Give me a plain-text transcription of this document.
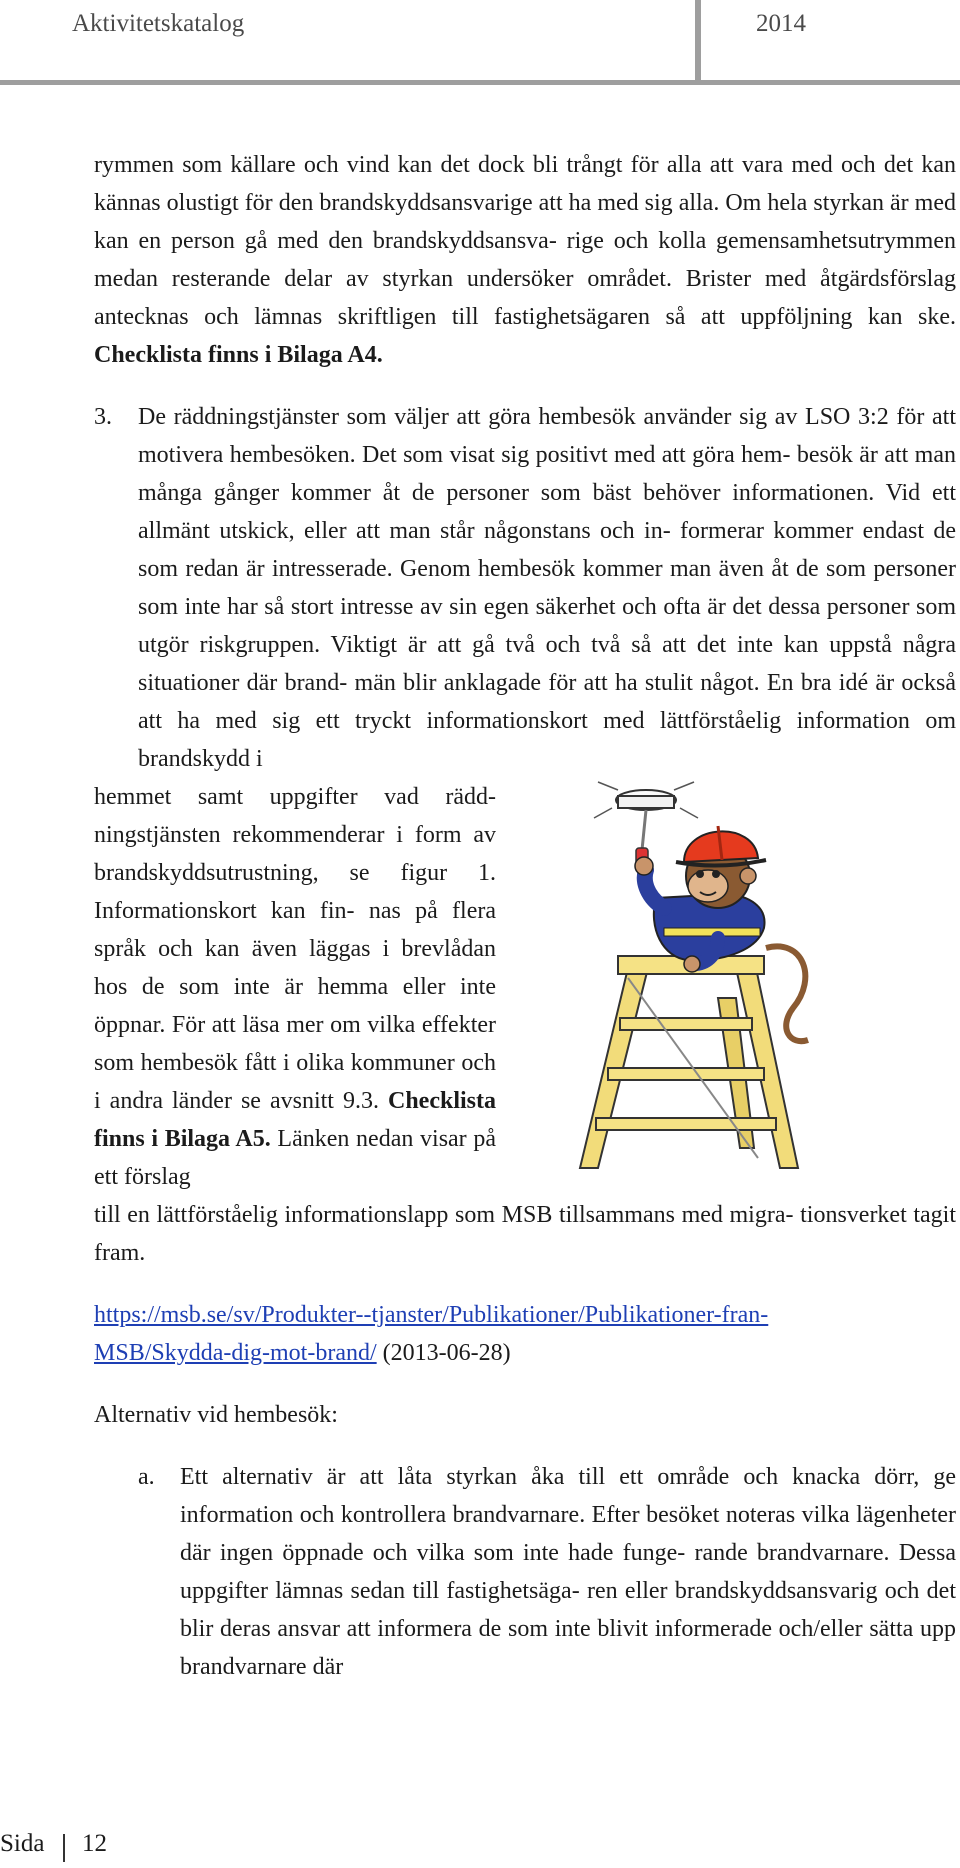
Aktivitetskatalog	2014

rymmen som källare och vind kan det dock bli trångt för alla att vara med och det kan kännas olustigt för den brandskyddsansvarige att ha med sig alla. Om hela styrkan är med kan en person gå med den brandskyddsansva- rige och kolla gemensamhetsutrymmen medan resterande delar av styrkan undersöker området. Brister med åtgärdsförslag antecknas och lämnas skriftligen till fastighetsägaren så att uppföljning kan ske. Checklista finns i Bilaga A4.

3.	De räddningstjänster som väljer att göra hembesök använder sig av LSO 3:2 för att motivera hembesöken. Det som visat sig positivt med att göra hem- besök är att man många gånger kommer åt de personer som bäst behöver informationen. Vid ett allmänt utskick, eller att man står någonstans och in- formerar kommer endast de som redan är intresserade. Genom hembesök kommer man även åt de som personer som inte har så stort intresse av sin egen säkerhet och ofta är det dessa personer som utgör riskgruppen. Viktigt är att gå två och två så att det inte kan uppstå några situationer där brand- män blir anklagade för att ha stulit något. En bra idé är också att ha med sig ett tryckt informationskort med lättförståelig information om brandskydd i

hemmet samt uppgifter vad rädd- ningstjänsten rekommenderar i form av brandskyddsutrustning, se figur 1. Informationskort kan fin- nas på flera språk och kan även läggas i brevlådan hos de som inte är hemma eller inte öppnar. För att läsa mer om vilka effekter som hembesök fått i olika kommuner och i andra länder se avsnitt 9.3. Checklista finns i Bilaga A5. Länken nedan visar på ett förslag

till en lättförståelig informationslapp som MSB tillsammans med migra- tionsverket tagit fram.

https://msb.se/sv/Produkter--tjanster/Publikationer/Publikationer-fran-
MSB/Skydda-dig-mot-brand/ (2013-06-28)

Alternativ vid hembesök:

a.	Ett alternativ är att låta styrkan åka till ett område och knacka dörr, ge information och kontrollera brandvarnare. Efter besöket noteras vilka lägenheter där ingen öppnade och vilka som inte hade funge- rande brandvarnare. Dessa uppgifter lämnas sedan till fastighetsäga- ren eller brandskyddsansvarig och det blir deras ansvar att informera de som inte blivit informerade och/eller sätta upp brandvarnare där

Sida 12
